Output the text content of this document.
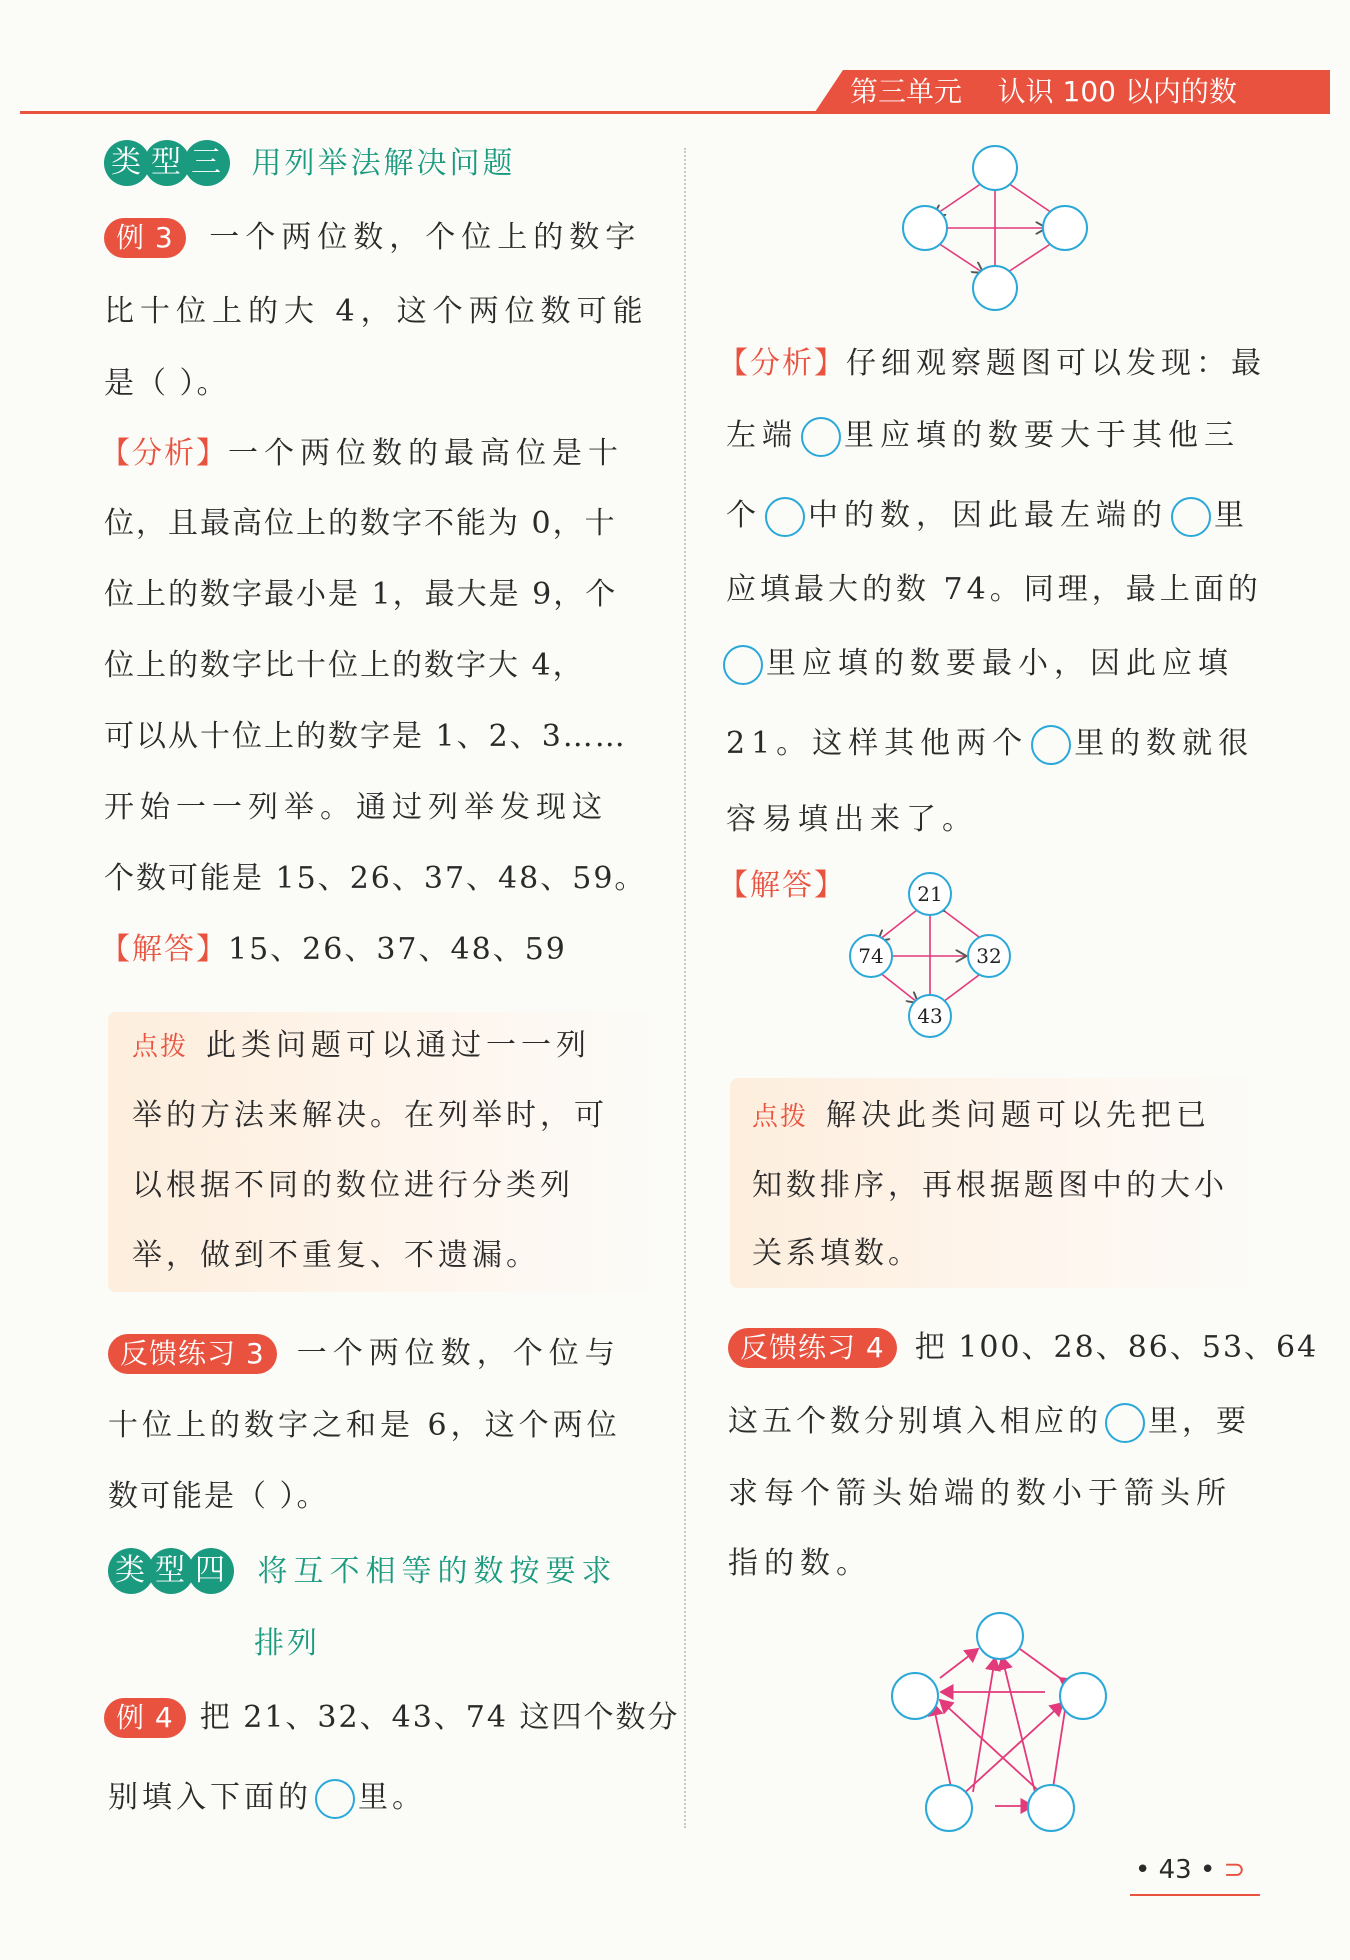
第三单元 认识 100 以内的数
类 型 三 用列举法解决问题
例 3 一个两位数，个位上的数字
比十位上的大 4，这个两位数可能
是（ ）。
【分析】一个两位数的最高位是十
位，且最高位上的数字不能为 0，十
位上的数字最小是 1，最大是 9，个
位上的数字比十位上的数字大 4，
可以从十位上的数字是 1、2、3……
开始一一列举。通过列举发现这
个数可能是 15、26、37、48、59。
【解答】15、26、37、48、59
点拨 此类问题可以通过一一列
举的方法来解决。在列举时，可
以根据不同的数位进行分类列
举，做到不重复、不遗漏。
反馈练习 3 一个两位数，个位与
十位上的数字之和是 6，这个两位
数可能是（ ）。
类 型 四 将互不相等的数按要求
排列
例 4 把 21、32、43、74 这四个数分
别填入下面的 里。
【分析】仔细观察题图可以发现：最
左端 里应填的数要大于其他三
个 中的数，因此最左端的 里
应填最大的数 74。同理，最上面的
里应填的数要最小，因此应填
21。这样其他两个 里的数就很
容易填出来了。
【解答】	21
74	32
43
点拨 解决此类问题可以先把已
知数排序，再根据题图中的大小
关系填数。
反馈练习 4 把 100、28、86、53、64
这五个数分别填入相应的 里，要
求每个箭头始端的数小于箭头所
指的数。
• 43 • ⊃
